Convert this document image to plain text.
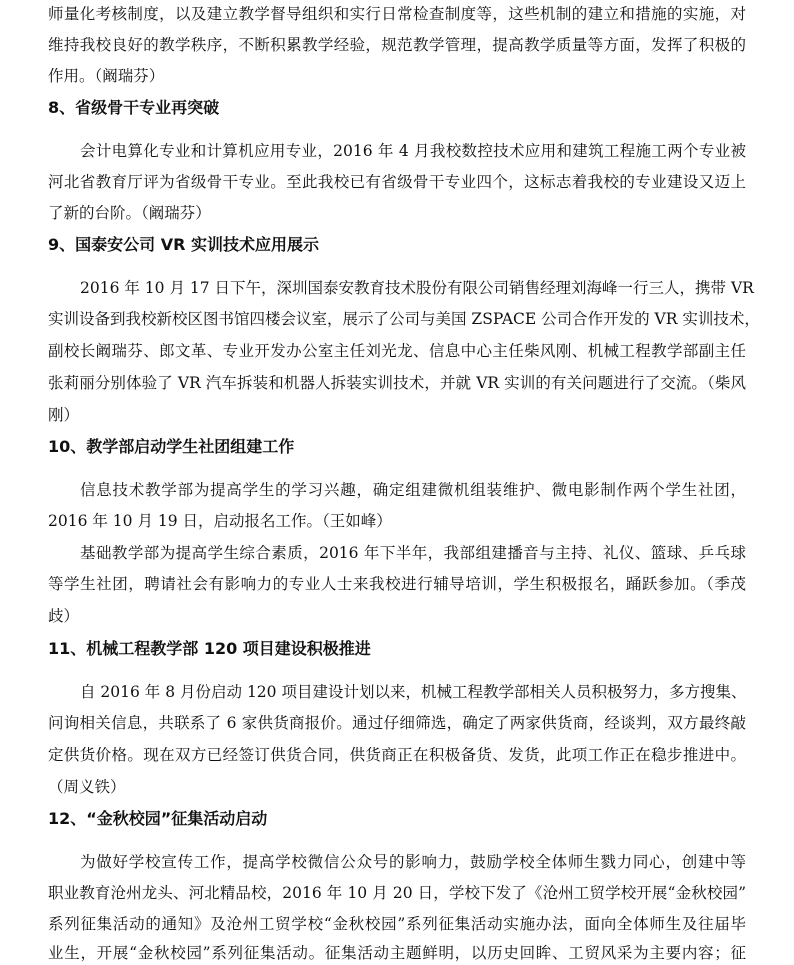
师量化考核制度，以及建立教学督导组织和实行日常检查制度等，这些机制的建立和措施的实施，对
维持我校良好的教学秩序，不断积累教学经验，规范教学管理，提高教学质量等方面，发挥了积极的
作用。（阚瑞芬）
8、省级骨干专业再突破
会计电算化专业和计算机应用专业，2016 年 4 月我校数控技术应用和建筑工程施工两个专业被
河北省教育厅评为省级骨干专业。至此我校已有省级骨干专业四个，这标志着我校的专业建设又迈上
了新的台阶。（阚瑞芬）
9、国泰安公司 VR 实训技术应用展示
2016 年 10 月 17 日下午，深圳国泰安教育技术股份有限公司销售经理刘海峰一行三人，携带 VR
实训设备到我校新校区图书馆四楼会议室，展示了公司与美国 ZSPACE 公司合作开发的 VR 实训技术，
副校长阚瑞芬、郎文革、专业开发办公室主任刘光龙、信息中心主任柴风刚、机械工程教学部副主任
张莉丽分别体验了 VR 汽车拆装和机器人拆装实训技术，并就 VR 实训的有关问题进行了交流。（柴风
刚）
10、教学部启动学生社团组建工作
信息技术教学部为提高学生的学习兴趣，确定组建微机组装维护、微电影制作两个学生社团，
2016 年 10 月 19 日，启动报名工作。（王如峰）
基础教学部为提高学生综合素质，2016 年下半年，我部组建播音与主持、礼仪、篮球、乒乓球
等学生社团，聘请社会有影响力的专业人士来我校进行辅导培训，学生积极报名，踊跃参加。（季茂
歧）
11、机械工程教学部 120 项目建设积极推进
自 2016 年 8 月份启动 120 项目建设计划以来，机械工程教学部相关人员积极努力，多方搜集、
问询相关信息，共联系了 6 家供货商报价。通过仔细筛选，确定了两家供货商，经谈判，双方最终敲
定供货价格。现在双方已经签订供货合同，供货商正在积极备货、发货，此项工作正在稳步推进中。
（周义铁）
12、“金秋校园”征集活动启动
为做好学校宣传工作，提高学校微信公众号的影响力，鼓励学校全体师生戮力同心，创建中等
职业教育沧州龙头、河北精品校，2016 年 10 月 20 日，学校下发了《沧州工贸学校开展“金秋校园”
系列征集活动的通知》及沧州工贸学校“金秋校园”系列征集活动实施办法，面向全体师生及往届毕
业生，开展“金秋校园”系列征集活动。征集活动主题鲜明，以历史回眸、工贸风采为主要内容；征
